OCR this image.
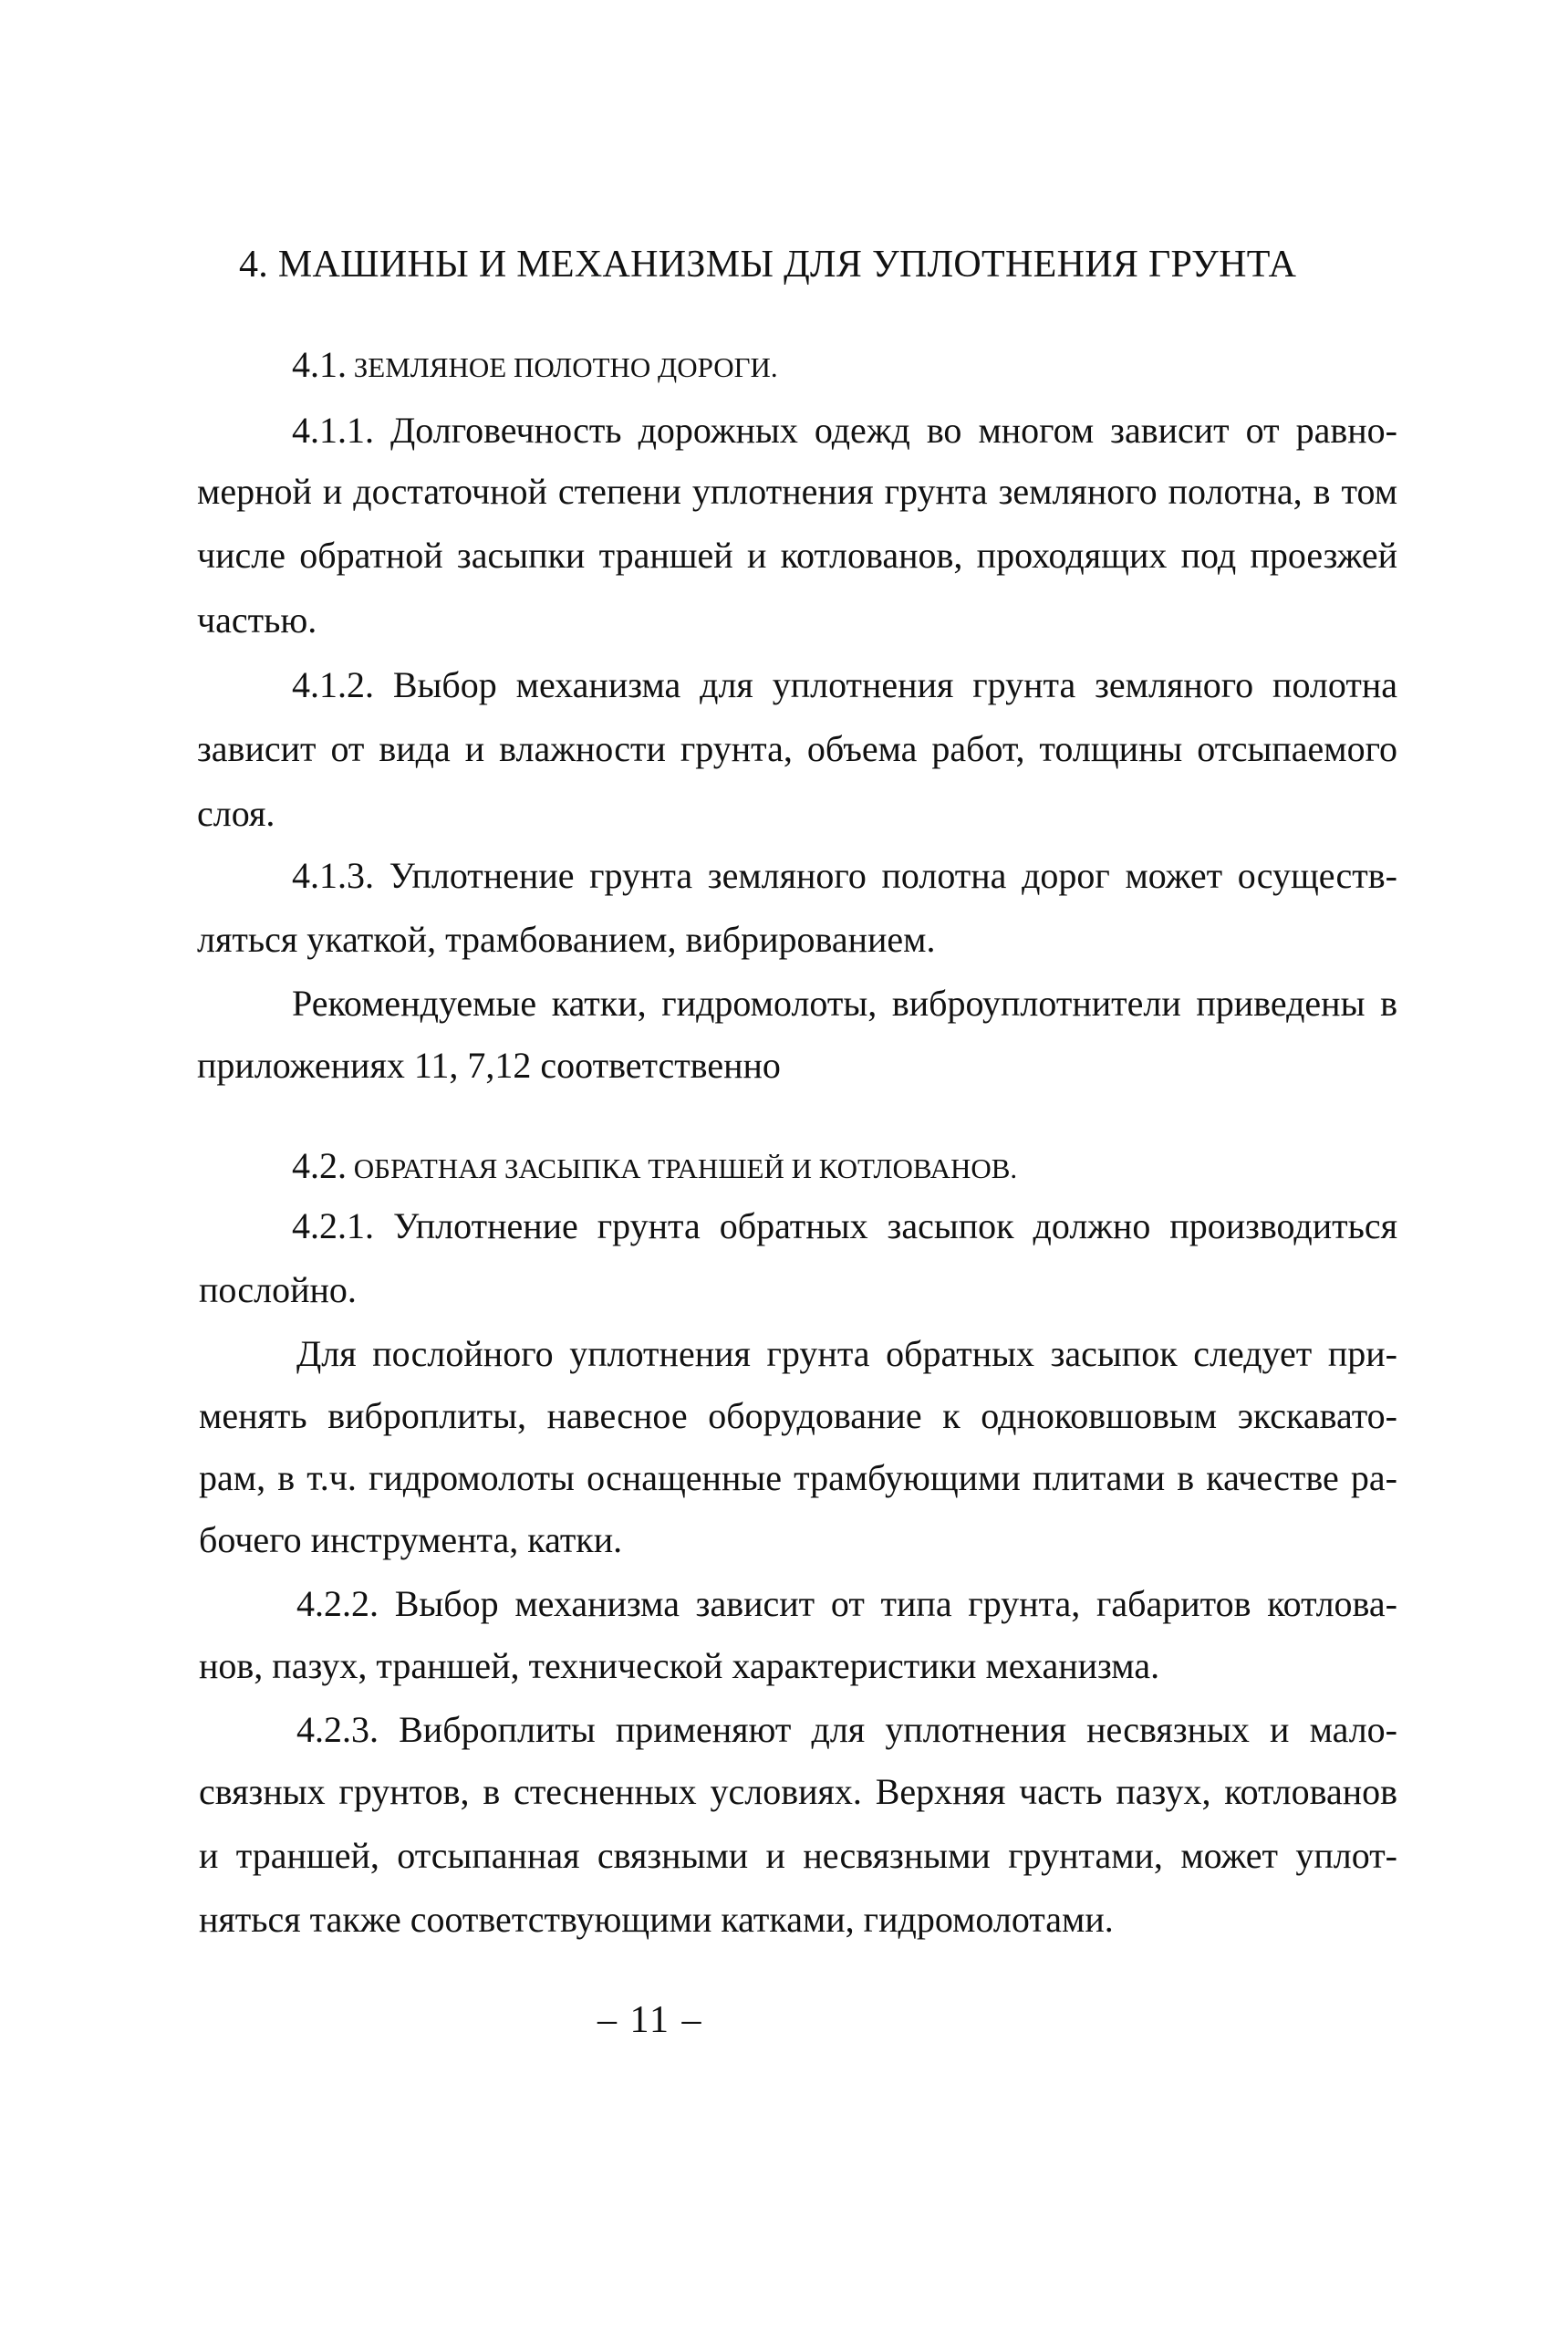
4. МАШИНЫ И МЕХАНИЗМЫ ДЛЯ УПЛОТНЕНИЯ ГРУНТА
4.1. ЗЕМЛЯНОЕ ПОЛОТНО ДОРОГИ.
4.1.1. Долговечность дорожных одежд во многом зависит от равно-
мерной и достаточной степени уплотнения грунта земляного полотна, в том
числе обратной засыпки траншей и котлованов, проходящих под проезжей
частью.
4.1.2. Выбор механизма для уплотнения грунта земляного полотна
зависит от вида и влажности грунта, объема работ, толщины отсыпаемого
слоя.
4.1.3. Уплотнение грунта земляного полотна дорог может осуществ-
ляться укаткой, трамбованием, вибрированием.
Рекомендуемые катки, гидромолоты, виброуплотнители приведены в
приложениях 11, 7,12 соответственно
4.2. ОБРАТНАЯ ЗАСЫПКА ТРАНШЕЙ И КОТЛОВАНОВ.
4.2.1. Уплотнение грунта обратных засыпок должно производиться
послойно.
Для послойного уплотнения грунта обратных засыпок следует при-
менять виброплиты, навесное оборудование к одноковшовым экскавато-
рам, в т.ч. гидромолоты оснащенные трамбующими плитами в качестве ра-
бочего инструмента, катки.
4.2.2. Выбор механизма зависит от типа грунта, габаритов котлова-
нов, пазух, траншей, технической характеристики механизма.
4.2.3. Виброплиты применяют для уплотнения несвязных и мало-
связных грунтов, в стесненных условиях. Верхняя часть пазух, котлованов
и траншей, отсыпанная связными и несвязными грунтами, может уплот-
няться также соответствующими катками, гидромолотами.
– 11 –
